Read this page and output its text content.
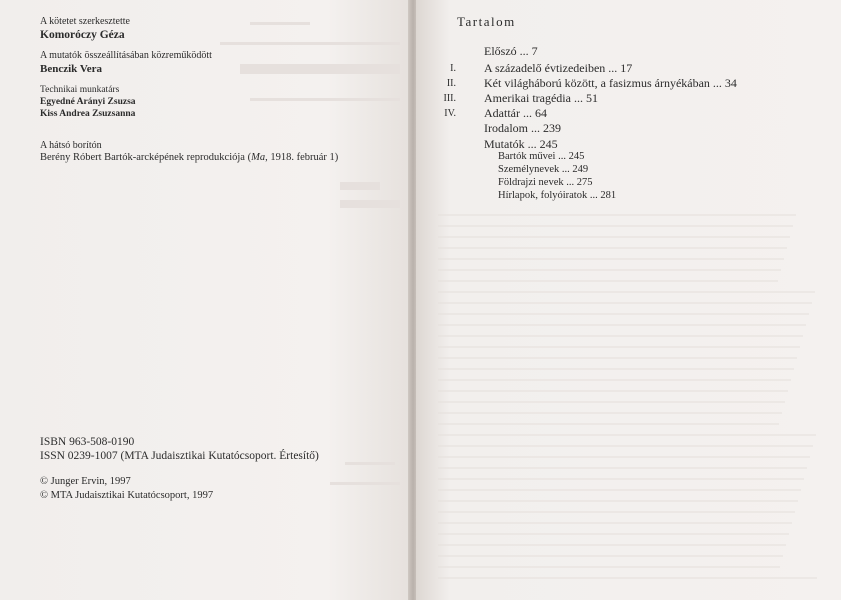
A kötetet szerkesztette
Komoróczy Géza
A mutatók összeállításában közreműködött
Benczik Vera
Technikai munkatárs
Egyedné Arányi Zsuzsa
Kiss Andrea Zsuzsanna
A hátsó borítón
Berény Róbert Bartók-arcképének reprodukciója (Ma, 1918. február 1)
ISBN 963-508-0190
ISSN 0239-1007 (MTA Judaisztikai Kutatócsoport. Értesítő)
© Junger Ervin, 1997
© MTA Judaisztikai Kutatócsoport, 1997
Tartalom
Előszó ... 7
I. A századelő évtizedeiben ... 17
II. Két világháború között, a fasizmus árnyékában ... 34
III. Amerikai tragédia ... 51
IV. Adattár ... 64
Irodalom ... 239
Mutatók ... 245
Bartók művei ... 245
Személynevek ... 249
Földrajzi nevek ... 275
Hírlapok, folyóiratok ... 281
